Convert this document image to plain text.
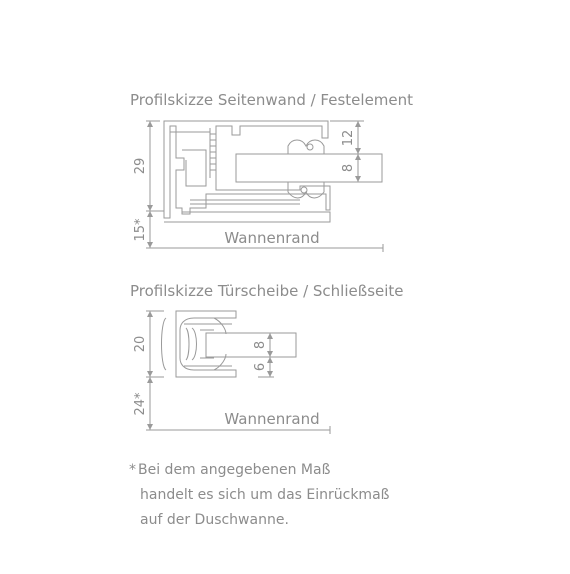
Profilskizze Seitenwand / Festelement
Profilskizze Türscheibe / Schließseite
29
15*
12
8
20
24*
8
6
Wannenrand
Wannenrand
* Bei dem angegebenen Maß
handelt es sich um das Einrückmaß
auf der Duschwanne.
